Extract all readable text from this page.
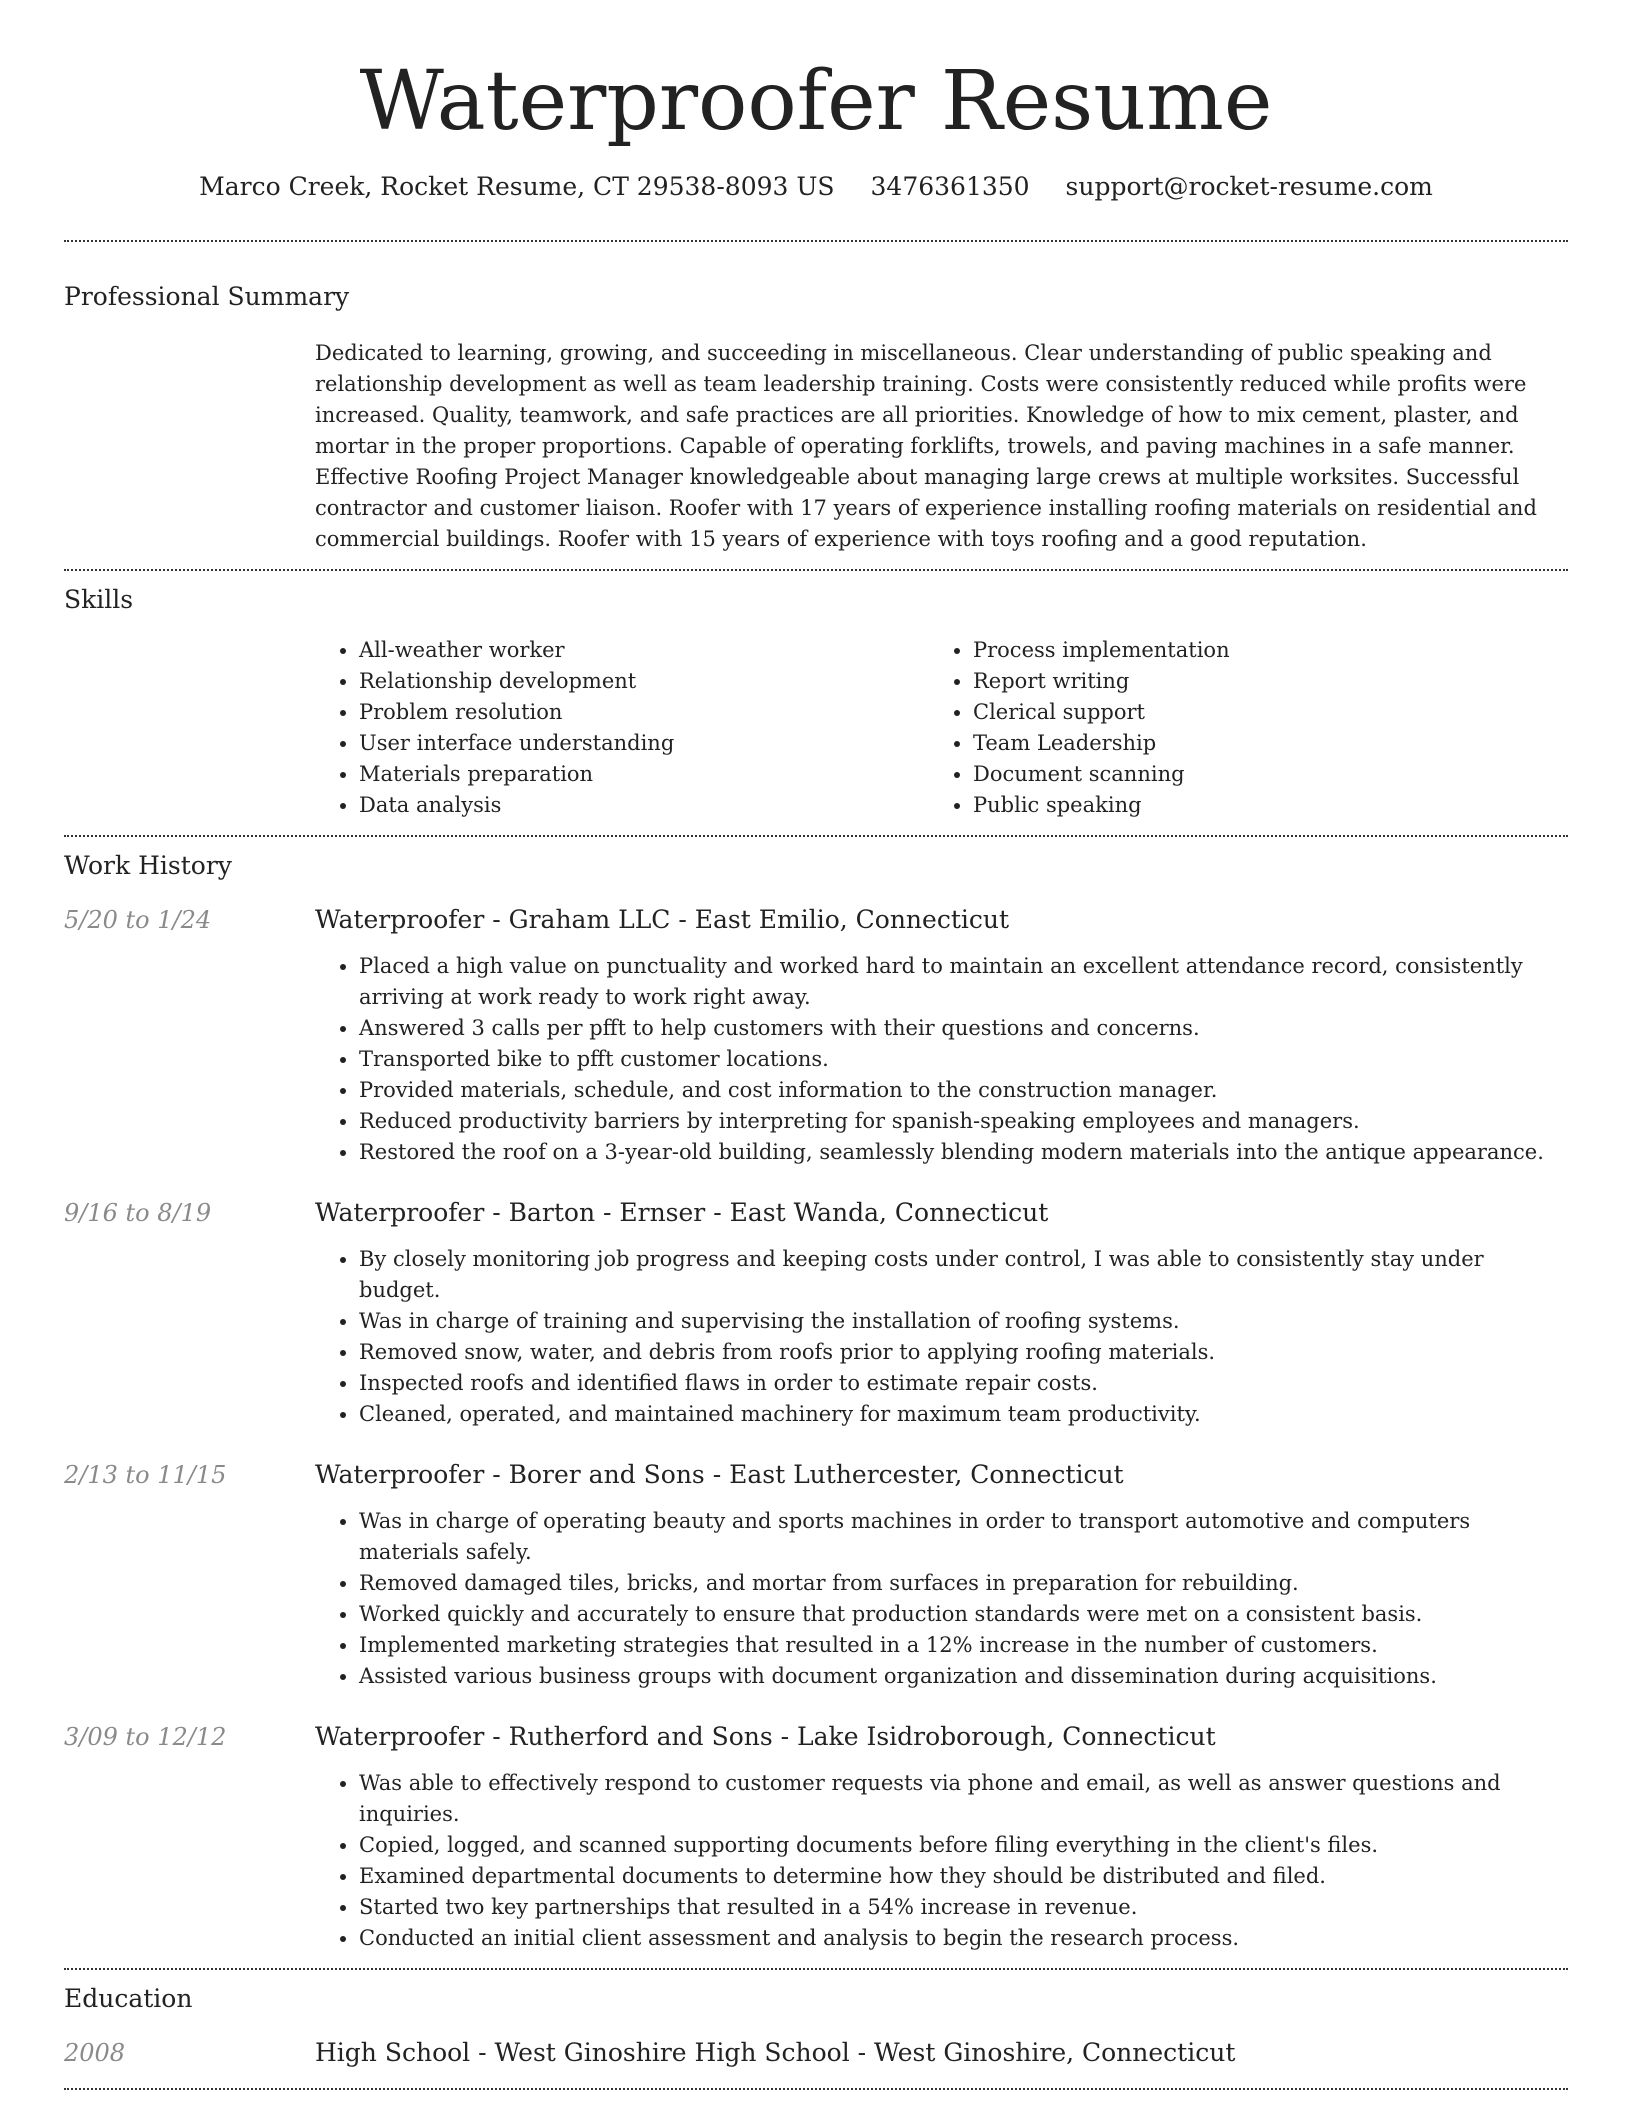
Waterproofer Resume
Marco Creek, Rocket Resume, CT 29538-8093 US 3476361350 support@rocket-resume.com
Professional Summary

Dedicated to learning, growing, and succeeding in miscellaneous. Clear understanding of public speaking and relationship development as well as team leadership training. Costs were consistently reduced while profits were increased. Quality, teamwork, and safe practices are all priorities. Knowledge of how to mix cement, plaster, and mortar in the proper proportions. Capable of operating forklifts, trowels, and paving machines in a safe manner. Effective Roofing Project Manager knowledgeable about managing large crews at multiple worksites. Successful contractor and customer liaison. Roofer with 17 years of experience installing roofing materials on residential and commercial buildings. Roofer with 15 years of experience with toys roofing and a good reputation.

Skills
• All-weather worker
• Relationship development
• Problem resolution
• User interface understanding
• Materials preparation
• Data analysis
• Process implementation
• Report writing
• Clerical support
• Team Leadership
• Document scanning
• Public speaking
Work History
5/20 to 1/24	Waterproofer - Graham LLC - East Emilio, Connecticut

• Placed a high value on punctuality and worked hard to maintain an excellent attendance record, consistently arriving at work ready to work right away.
• Answered 3 calls per pfft to help customers with their questions and concerns.
• Transported bike to pfft customer locations.
• Provided materials, schedule, and cost information to the construction manager.
• Reduced productivity barriers by interpreting for spanish-speaking employees and managers.
• Restored the roof on a 3-year-old building, seamlessly blending modern materials into the antique appearance.
9/16 to 8/19	Waterproofer - Barton - Ernser - East Wanda, Connecticut

• By closely monitoring job progress and keeping costs under control, I was able to consistently stay under budget.
• Was in charge of training and supervising the installation of roofing systems.
• Removed snow, water, and debris from roofs prior to applying roofing materials.
• Inspected roofs and identified flaws in order to estimate repair costs.
• Cleaned, operated, and maintained machinery for maximum team productivity.
2/13 to 11/15	Waterproofer - Borer and Sons - East Luthercester, Connecticut

• Was in charge of operating beauty and sports machines in order to transport automotive and computers materials safely.
• Removed damaged tiles, bricks, and mortar from surfaces in preparation for rebuilding.
• Worked quickly and accurately to ensure that production standards were met on a consistent basis.
• Implemented marketing strategies that resulted in a 12% increase in the number of customers.
• Assisted various business groups with document organization and dissemination during acquisitions.
3/09 to 12/12	Waterproofer - Rutherford and Sons - Lake Isidroborough, Connecticut

• Was able to effectively respond to customer requests via phone and email, as well as answer questions and inquiries.
• Copied, logged, and scanned supporting documents before filing everything in the client's files.
• Examined departmental documents to determine how they should be distributed and filed.
• Started two key partnerships that resulted in a 54% increase in revenue.
• Conducted an initial client assessment and analysis to begin the research process.
Education
2008	High School - West Ginoshire High School - West Ginoshire, Connecticut
